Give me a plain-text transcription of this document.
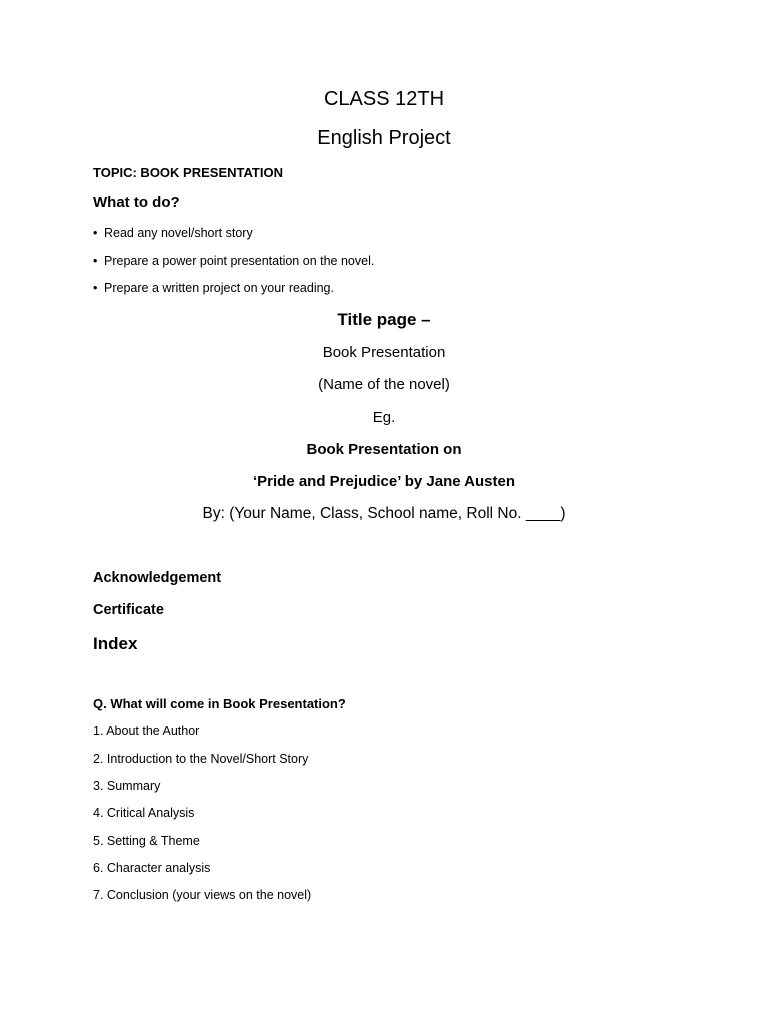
CLASS 12TH
English Project
TOPIC: BOOK PRESENTATION
What to do?
• Read any novel/short story
• Prepare a power point presentation on the novel.
• Prepare a written project on your reading.
Title page –
Book Presentation
(Name of the novel)
Eg.
Book Presentation on
‘Pride and Prejudice’ by Jane Austen
By: (Your Name, Class, School name, Roll No. ____)
Acknowledgement
Certificate
Index
Q. What will come in Book Presentation?
1. About the Author
2. Introduction to the Novel/Short Story
3. Summary
4. Critical Analysis
5. Setting & Theme
6. Character analysis
7. Conclusion (your views on the novel)
